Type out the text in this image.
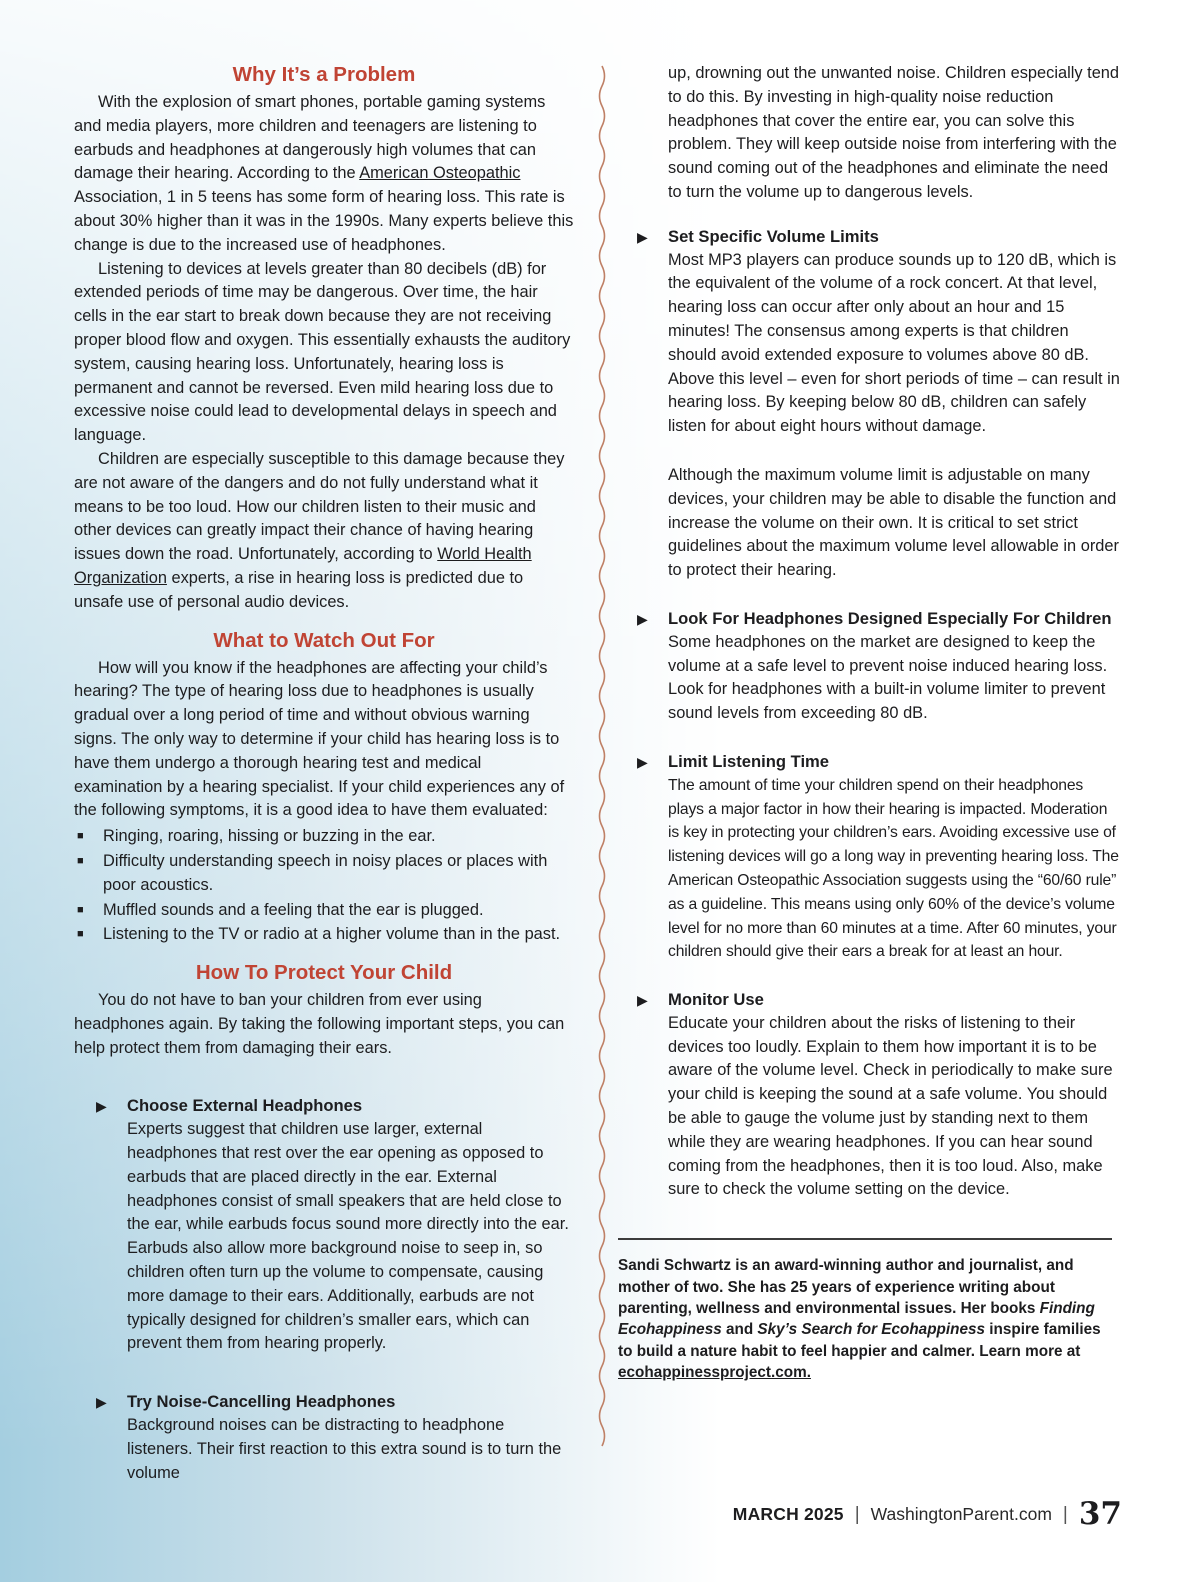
Why It’s a Problem

With the explosion of smart phones, portable gaming systems and media players, more children and teenagers are listening to earbuds and headphones at dangerously high volumes that can damage their hearing. According to the American Osteopathic Association, 1 in 5 teens has some form of hearing loss. This rate is about 30% higher than it was in the 1990s. Many experts believe this change is due to the increased use of headphones.

Listening to devices at levels greater than 80 decibels (dB) for extended periods of time may be dangerous. Over time, the hair cells in the ear start to break down because they are not receiving proper blood flow and oxygen. This essentially exhausts the auditory system, causing hearing loss. Unfortunately, hearing loss is permanent and cannot be reversed. Even mild hearing loss due to excessive noise could lead to developmental delays in speech and language.

Children are especially susceptible to this damage because they are not aware of the dangers and do not fully understand what it means to be too loud. How our children listen to their music and other devices can greatly impact their chance of having hearing issues down the road. Unfortunately, according to World Health Organization experts, a rise in hearing loss is predicted due to unsafe use of personal audio devices.

What to Watch Out For

How will you know if the headphones are affecting your child’s hearing? The type of hearing loss due to headphones is usually gradual over a long period of time and without obvious warning signs. The only way to determine if your child has hearing loss is to have them undergo a thorough hearing test and medical examination by a hearing specialist. If your child experiences any of the following symptoms, it is a good idea to have them evaluated:

■ Ringing, roaring, hissing or buzzing in the ear.
■ Difficulty understanding speech in noisy places or places with poor acoustics.
■ Muffled sounds and a feeling that the ear is plugged.
■ Listening to the TV or radio at a higher volume than in the past.
How To Protect Your Child

You do not have to ban your children from ever using headphones again. By taking the following important steps, you can help protect them from damaging their ears.

▶
Choose External Headphones

Experts suggest that children use larger, external headphones that rest over the ear opening as opposed to earbuds that are placed directly in the ear. External headphones consist of small speakers that are held close to the ear, while earbuds focus sound more directly into the ear. Earbuds also allow more background noise to seep in, so children often turn up the volume to compensate, causing more damage to their ears. Additionally, earbuds are not typically designed for children’s smaller ears, which can prevent them from hearing properly.

▶
Try Noise-Cancelling Headphones

Background noises can be distracting to headphone listeners. Their first reaction to this extra sound is to turn the volume

up, drowning out the unwanted noise. Children especially tend to do this. By investing in high-quality noise reduction headphones that cover the entire ear, you can solve this problem. They will keep outside noise from interfering with the sound coming out of the headphones and eliminate the need to turn the volume up to dangerous levels.

▶
Set Specific Volume Limits

Most MP3 players can produce sounds up to 120 dB, which is the equivalent of the volume of a rock concert. At that level, hearing loss can occur after only about an hour and 15 minutes! The consensus among experts is that children should avoid extended exposure to volumes above 80 dB. Above this level – even for short periods of time – can result in hearing loss. By keeping below 80 dB, children can safely listen for about eight hours without damage.

Although the maximum volume limit is adjustable on many devices, your children may be able to disable the function and increase the volume on their own. It is critical to set strict guidelines about the maximum volume level allowable in order to protect their hearing.

▶
Look For Headphones Designed Especially For Children

Some headphones on the market are designed to keep the volume at a safe level to prevent noise induced hearing loss. Look for headphones with a built-in volume limiter to prevent sound levels from exceeding 80 dB.

▶
Limit Listening Time

The amount of time your children spend on their headphones plays a major factor in how their hearing is impacted. Moderation is key in protecting your children’s ears. Avoiding excessive use of listening devices will go a long way in preventing hearing loss. The American Osteopathic Association suggests using the “60/60 rule” as a guideline. This means using only 60% of the device’s volume level for no more than 60 minutes at a time. After 60 minutes, your children should give their ears a break for at least an hour.

▶
Monitor Use

Educate your children about the risks of listening to their devices too loudly. Explain to them how important it is to be aware of the volume level. Check in periodically to make sure your child is keeping the sound at a safe volume. You should be able to gauge the volume just by standing next to them while they are wearing headphones. If you can hear sound coming from the headphones, then it is too loud. Also, make sure to check the volume setting on the device.

Sandi Schwartz is an award-winning author and journalist, and mother of two. She has 25 years of experience writing about parenting, wellness and environmental issues. Her books Finding Ecohappiness and Sky’s Search for Ecohappiness inspire families to build a nature habit to feel happier and calmer. Learn more at ecohappinessproject.com.

MARCH 2025 | WashingtonParent.com | 37
